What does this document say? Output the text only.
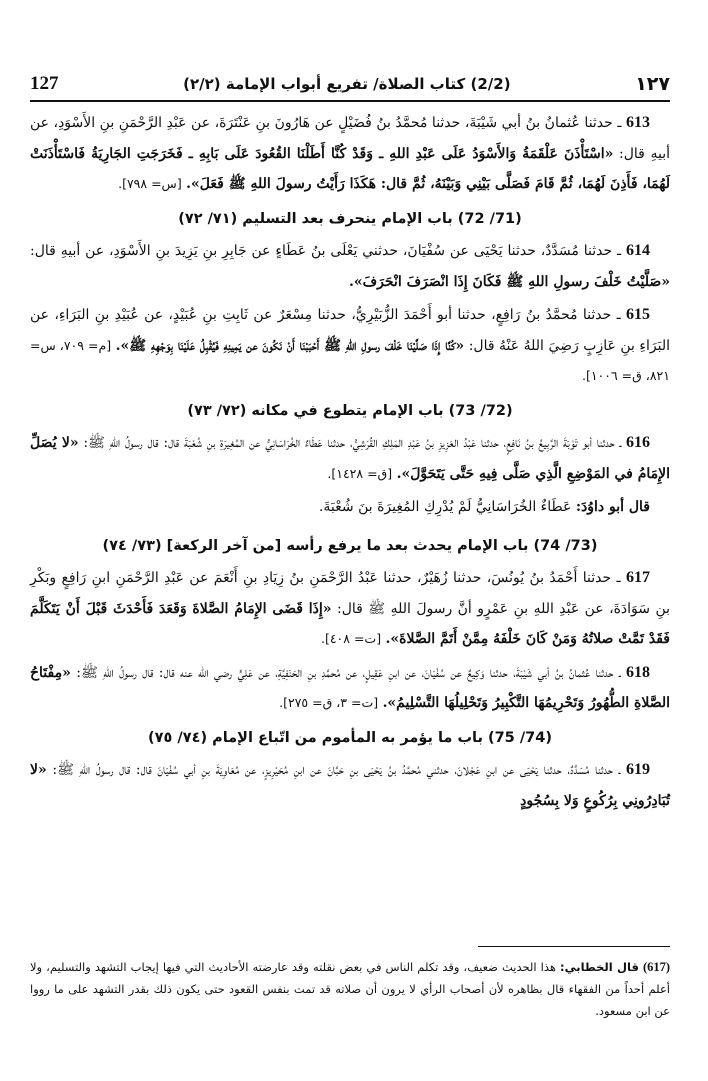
127	(2/2) كتاب الصلاة/ تفريع أبواب الإمامة (٢/٢)	١٢٧

613 ـ حدثنا عُثمانُ بنُ أبي شَيْبَةَ، حدثنا مُحمَّدُ بنُ فُضَيْلٍ عن هَارُونَ بنِ عَنْتَرَةَ، عن عَبْدِ الرَّحْمَنِ بنِ الأَسْوَدِ، عن أبيهِ قال: «اسْتَأْذَنَ عَلْقَمَةُ وَالأَسْوَدُ عَلَى عَبْدِ اللهِ ـ وَقَدْ كُنَّا أَطَلْنَا القُعُودَ عَلَى بَابِهِ ـ فَخَرَجَتِ الجَارِيَةُ فَاسْتَأْذَنَتْ لَهُمَا، فَأَذِنَ لَهُمَا، ثُمَّ قَامَ فَصَلَّى بَيْنِي وَبَيْنَهُ، ثُمَّ قال: هَكَذَا رَأَيْتُ رسولَ اللهِ ﷺ فَعَلَ». [س= ٧٩٨].

(71/ 72) باب الإمام ينحرف بعد التسليم (٧١/ ٧٢)

614 ـ حدثنا مُسَدَّدٌ، حدثنا يَحْيَى عن سُفْيَانَ، حدثني يَعْلَى بنُ عَطَاءٍ عن جَابِرِ بنِ يَزِيدَ بنِ الأَسْوَدِ، عن أبيهِ قال: «صَلَّيْتُ خَلْفَ رسولِ اللهِ ﷺ فَكَانَ إِذَا انْصَرَفَ انْحَرَفَ».

615 ـ حدثنا مُحمَّدُ بنُ رَافِعٍ، حدثنا أبو أَحْمَدَ الزُّبَيْرِيُّ، حدثنا مِسْعَرٌ عن ثَابِتِ بنِ عُبَيْدٍ، عن عُبَيْدِ بنِ البَرَاءِ، عن البَرَاءِ بنِ عَازِبٍ رَضِيَ اللهُ عَنْهُ قال: «كُنَّا إِذَا صَلَّيْنَا خَلْفَ رسولِ اللهِ ﷺ أَحْبَبْنَا أَنْ نَكُونَ عن يَمِينِهِ فَيُقْبِلُ عَلَيْنَا بِوَجْهِهِ ﷺ». [م= ٧٠٩، س= ٨٢١، ق= ١٠٠٦].

(72/ 73) باب الإمام يتطوع في مكانه (٧٢/ ٧٣)

616 ـ حدثنا أبو تَوْبَةَ الرَّبِيعُ بنُ نَافِعٍ، حدثنا عَبْدُ العَزِيزِ بنُ عَبْدِ المَلِكِ القُرَشِيُّ، حدثنا عَطَاءٌ الخُرَاسَانِيُّ عن المُغِيرَةِ بنِ شُعْبَةَ قال: قال رسولُ اللهِ ﷺ: «لا يُصَلِّ الإِمَامُ في المَوْضِعِ الَّذِي صَلَّى فِيهِ حَتَّى يَتَحَوَّلَ». [ق= ١٤٢٨].

قال أبو داوُدَ: عَطَاءٌ الخُرَاسَانِيُّ لَمْ يُدْرِكِ المُغِيرَةَ بنَ شُعْبَةَ.

(73/ 74) باب الإمام يحدث بعد ما يرفع رأسه [من آخر الركعة] (٧٣/ ٧٤)

617 ـ حدثنا أَحْمَدُ بنُ يُونُسَ، حدثنا زُهَيْرٌ، حدثنا عَبْدُ الرَّحْمَنِ بنُ زِيَادِ بنِ أَنْعَمَ عن عَبْدِ الرَّحْمَنِ ابنِ رَافِعٍ وبَكْرِ بنِ سَوَادَةَ، عن عَبْدِ اللهِ بنِ عَمْرٍو أنَّ رسولَ اللهِ ﷺ قال: «إِذَا قَضَى الإِمَامُ الصَّلاةَ وَقَعَدَ فَأَحْدَثَ قَبْلَ أَنْ يَتَكَلَّمَ فَقَدْ تَمَّتْ صلاتُهُ وَمَنْ كَانَ خَلْفَهُ مِمَّنْ أَتَمَّ الصَّلاةَ». [ت= ٤٠٨].

618 ـ حدثنا عُثمانُ بنُ أبي شَيْبَةَ، حدثنا وَكِيعٌ عن سُفْيَانَ، عن ابنِ عَقِيلٍ، عن مُحمَّدِ بنِ الحَنَفِيَّةِ، عن عَلِيٍّ رضي الله عنه قال: قال رسولُ اللهِ ﷺ: «مِفْتَاحُ الصَّلاةِ الطُّهُورُ وَتَحْرِيمُهَا التَّكْبِيرُ وَتَحْلِيلُهَا التَّسْلِيمُ». [ت= ٣، ق= ٢٧٥].

(74/ 75) باب ما يؤمر به المأموم من اتّباع الإمام (٧٤/ ٧٥)

619 ـ حدثنا مُسَدَّدٌ، حدثنا يَحْيَى عن ابنِ عَجْلانَ، حدثني مُحمَّدُ بنُ يَحْيَى بنِ حَبَّانَ عن ابنِ مُحَيْرِيزٍ، عن مُعَاوِيَةَ بنِ أبي سُفْيَانَ قال: قال رسولُ اللهِ ﷺ: «لا تُبَادِرُونِي بِرُكُوعٍ وَلا بِسُجُودٍ

(617) قال الخطابي: هذا الحديث ضعيف، وقد تكلم الناس في بعض نقلته وقد عارضته الأحاديث التي فيها إيجاب التشهد والتسليم، ولا أعلم أحداً من الفقهاء قال بظاهره لأن أصحاب الرأي لا يرون أن صلاته قد تمت بنفس القعود حتى يكون ذلك بقدر التشهد على ما رووا عن ابن مسعود.
